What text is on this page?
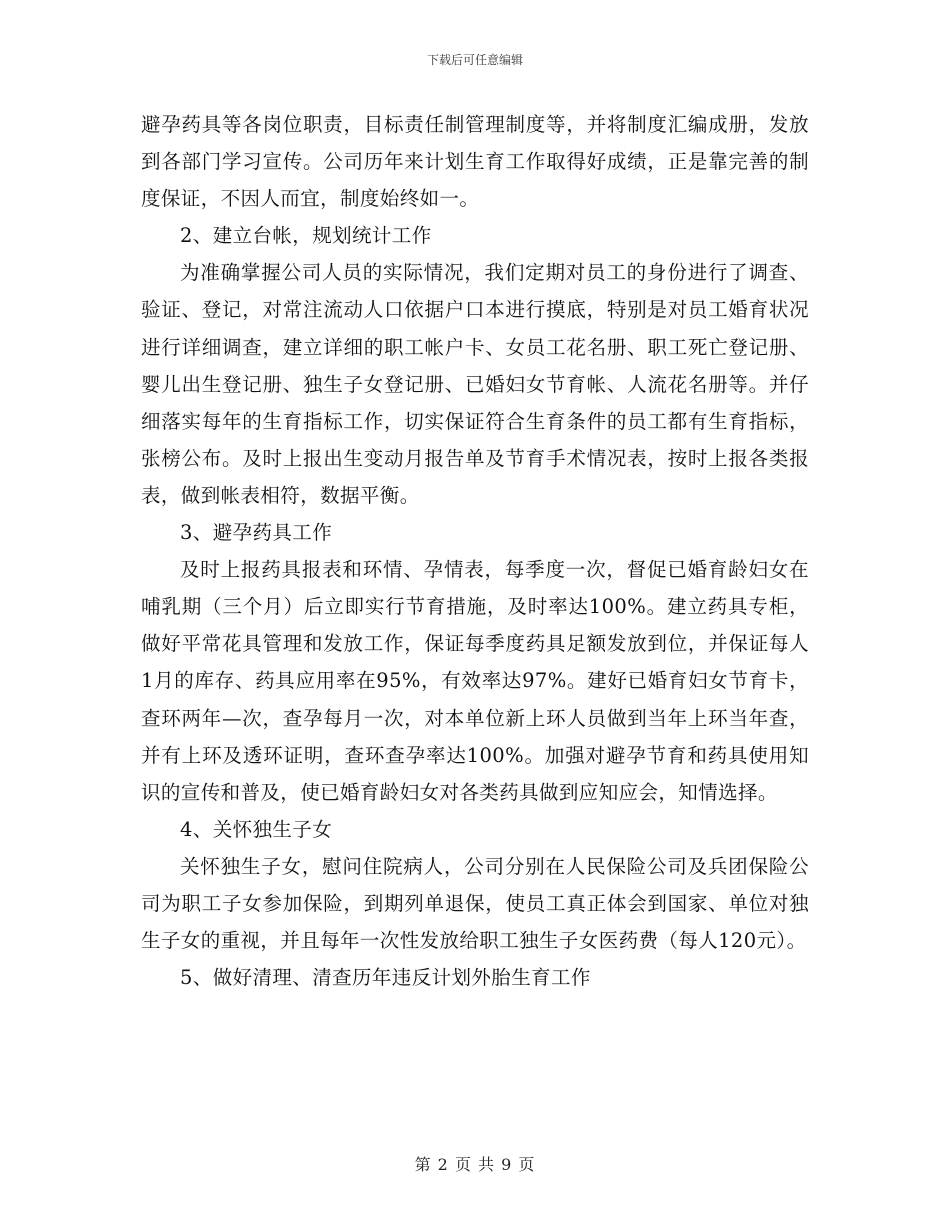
下载后可任意编辑

避孕药具等各岗位职责，目标责任制管理制度等，并将制度汇编成册，发放到各部门学习宣传。公司历年来计划生育工作取得好成绩，正是靠完善的制度保证，不因人而宜，制度始终如一。

2、建立台帐，规划统计工作

为准确掌握公司人员的实际情况，我们定期对员工的身份进行了调查、验证、登记，对常注流动人口依据户口本进行摸底，特别是对员工婚育状况进行详细调查，建立详细的职工帐户卡、女员工花名册、职工死亡登记册、婴儿出生登记册、独生子女登记册、已婚妇女节育帐、人流花名册等。并仔细落实每年的生育指标工作，切实保证符合生育条件的员工都有生育指标，张榜公布。及时上报出生变动月报告单及节育手术情况表，按时上报各类报表，做到帐表相符，数据平衡。

3、避孕药具工作

及时上报药具报表和环情、孕情表，每季度一次，督促已婚育龄妇女在哺乳期（三个月）后立即实行节育措施，及时率达100%。建立药具专柜，做好平常花具管理和发放工作，保证每季度药具足额发放到位，并保证每人1月的库存、药具应用率在95%，有效率达97%。建好已婚育妇女节育卡，查环两年—次，查孕每月一次，对本单位新上环人员做到当年上环当年查，并有上环及透环证明，查环查孕率达100%。加强对避孕节育和药具使用知识的宣传和普及，使已婚育龄妇女对各类药具做到应知应会，知情选择。

4、关怀独生子女

关怀独生子女，慰问住院病人，公司分别在人民保险公司及兵团保险公司为职工子女参加保险，到期列单退保，使员工真正体会到国家、单位对独生子女的重视，并且每年一次性发放给职工独生子女医药费（每人120元）。

5、做好清理、清查历年违反计划外胎生育工作

第 2 页 共 9 页
